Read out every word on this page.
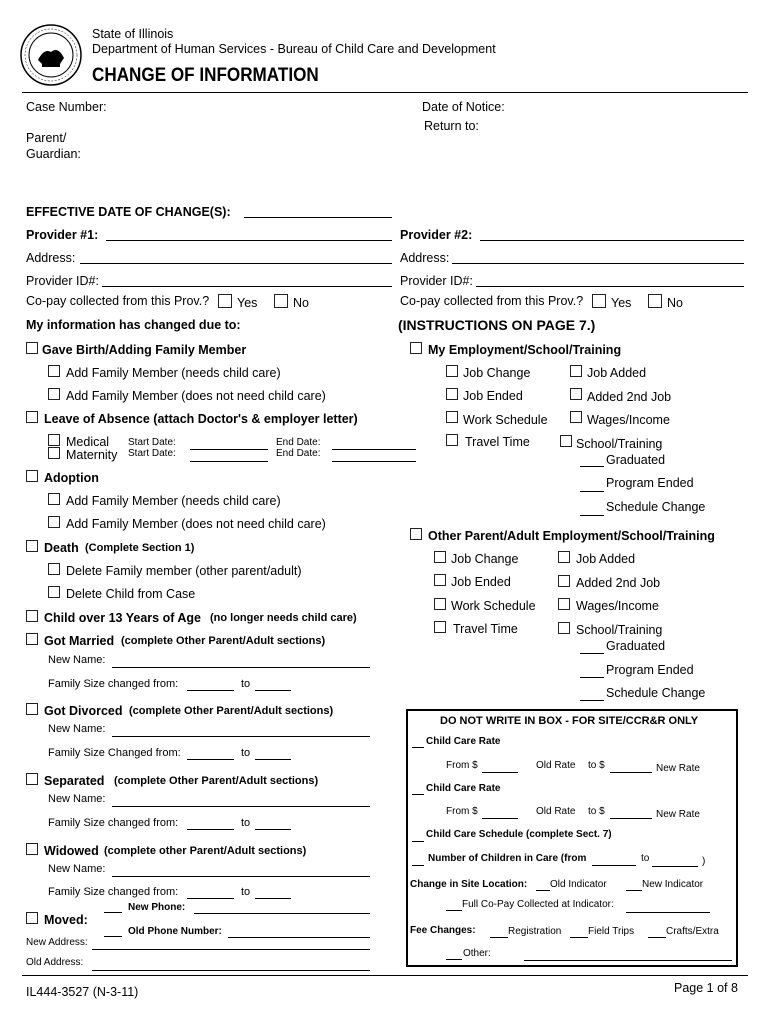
State of Illinois
Department of Human Services - Bureau of Child Care and Development
CHANGE OF INFORMATION
Case Number:	Date of Notice:
Return to:
Parent/
Guardian:
EFFECTIVE DATE OF CHANGE(S):
Provider #1:	Provider #2:
Address:	Address:
Provider ID#:	Provider ID#:
Co-pay collected from this Prov.? Yes	No	Co-pay collected from this Prov.? Yes	No
My information has changed due to:
Gave Birth/Adding Family Member
Add Family Member (needs child care)
Add Family Member (does not need child care)
Leave of Absence (attach Doctor's & employer letter)
Medical
Maternity
Start Date:	End Date:
Start Date:	End Date:
Adoption
Add Family Member (needs child care)
Add Family Member (does not need child care)
Death (Complete Section 1)
Delete Family member (other parent/adult)
Delete Child from Case
Child over 13 Years of Age (no longer needs child care)
Got Married (complete Other Parent/Adult sections)
New Name:
Family Size changed from:	to
Got Divorced (complete Other Parent/Adult sections)
New Name:
Family Size Changed from:	to
Separated (complete Other Parent/Adult sections)
New Name:
Family Size changed from:	to
Widowed (complete other Parent/Adult sections)
New Name:
Family Size changed from:	to
Moved:
New Phone:
Old Phone Number:
New Address:
Old Address:
(INSTRUCTIONS ON PAGE 7.)
My Employment/School/Training
Job Change	Job Added
Job Ended	Added 2nd Job
Work Schedule	Wages/Income
Travel Time	School/Training
Graduated
Program Ended
Schedule Change
Other Parent/Adult Employment/School/Training
Job Change	Job Added
Job Ended	Added 2nd Job
Work Schedule	Wages/Income
Travel Time	School/Training
Graduated
Program Ended
Schedule Change
DO NOT WRITE IN BOX - FOR SITE/CCR&R ONLY
Child Care Rate
From $	Old Rate to $	New Rate
Child Care Rate
From $	Old Rate to $	New Rate
Child Care Schedule (complete Sect. 7)
Number of Children in Care (from	to	)
Change in Site Location: Old Indicator	New Indicator
Full Co-Pay Collected at Indicator:
Fee Changes:	Registration	Field Trips	Crafts/Extra
Other:
IL444-3527 (N-3-11)	Page 1 of 8
